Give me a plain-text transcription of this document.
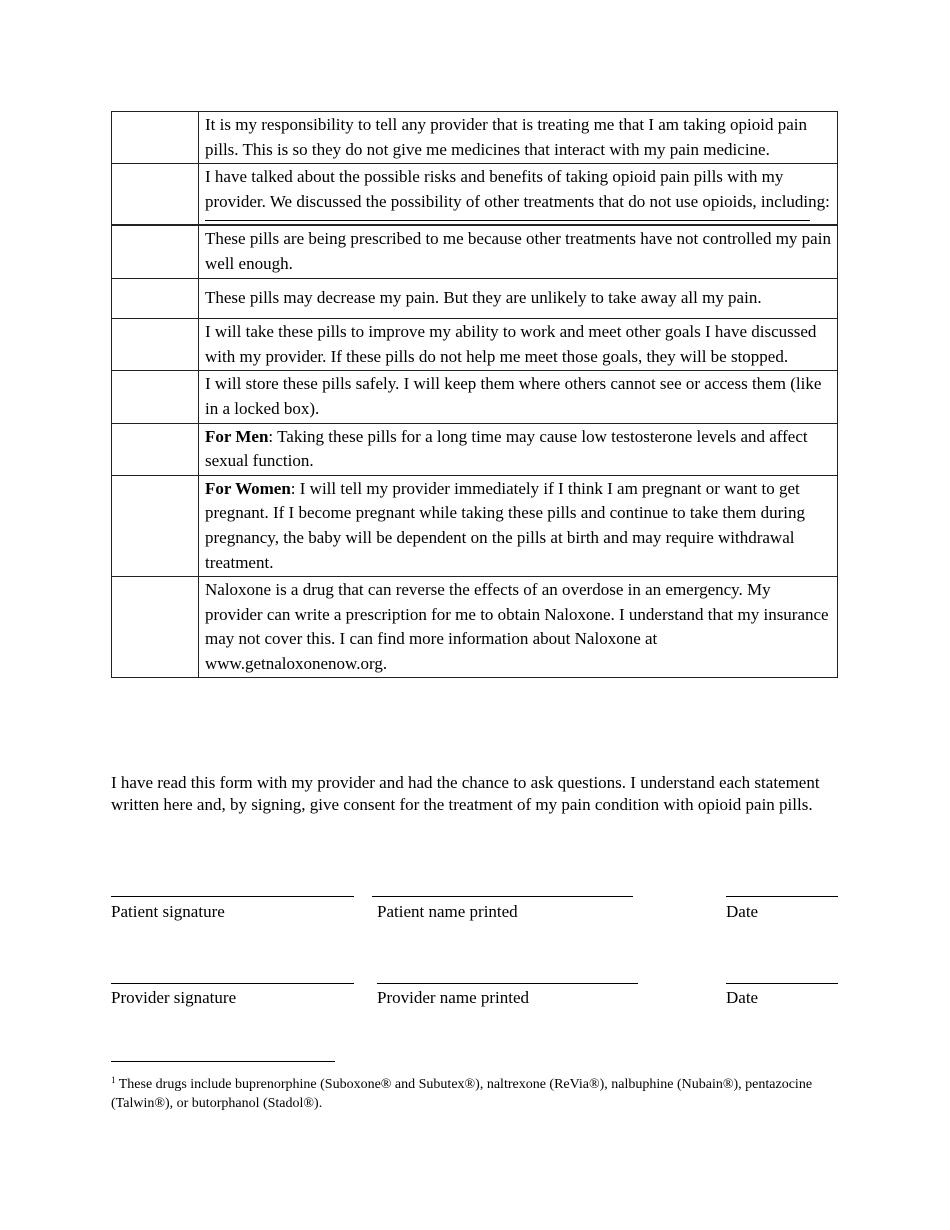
	It is my responsibility to tell any provider that is treating me that I am taking opioid pain pills. This is so they do not give me medicines that interact with my pain medicine.
	I have talked about the possible risks and benefits of taking opioid pain pills with my provider. We discussed the possibility of other treatments that do not use opioids, including:

	These pills are being prescribed to me because other treatments have not controlled my pain well enough.
	These pills may decrease my pain. But they are unlikely to take away all my pain.
	I will take these pills to improve my ability to work and meet other goals I have discussed with my provider. If these pills do not help me meet those goals, they will be stopped.
	I will store these pills safely. I will keep them where others cannot see or access them (like in a locked box).
	For Men: Taking these pills for a long time may cause low testosterone levels and affect sexual function.
	For Women: I will tell my provider immediately if I think I am pregnant or want to get pregnant. If I become pregnant while taking these pills and continue to take them during pregnancy, the baby will be dependent on the pills at birth and may require withdrawal treatment.
	Naloxone is a drug that can reverse the effects of an overdose in an emergency. My provider can write a prescription for me to obtain Naloxone. I understand that my insurance may not cover this. I can find more information about Naloxone at www.getnaloxonenow.org.
I have read this form with my provider and had the chance to ask questions. I understand each statement written here and, by signing, give consent for the treatment of my pain condition with opioid pain pills.
Patient signature	Patient name printed	Date
Provider signature	Provider name printed	Date
$^1$ These drugs include buprenorphine (Suboxone® and Subutex®), naltrexone (ReVia®), nalbuphine (Nubain®), pentazocine (Talwin®), or butorphanol (Stadol®).
